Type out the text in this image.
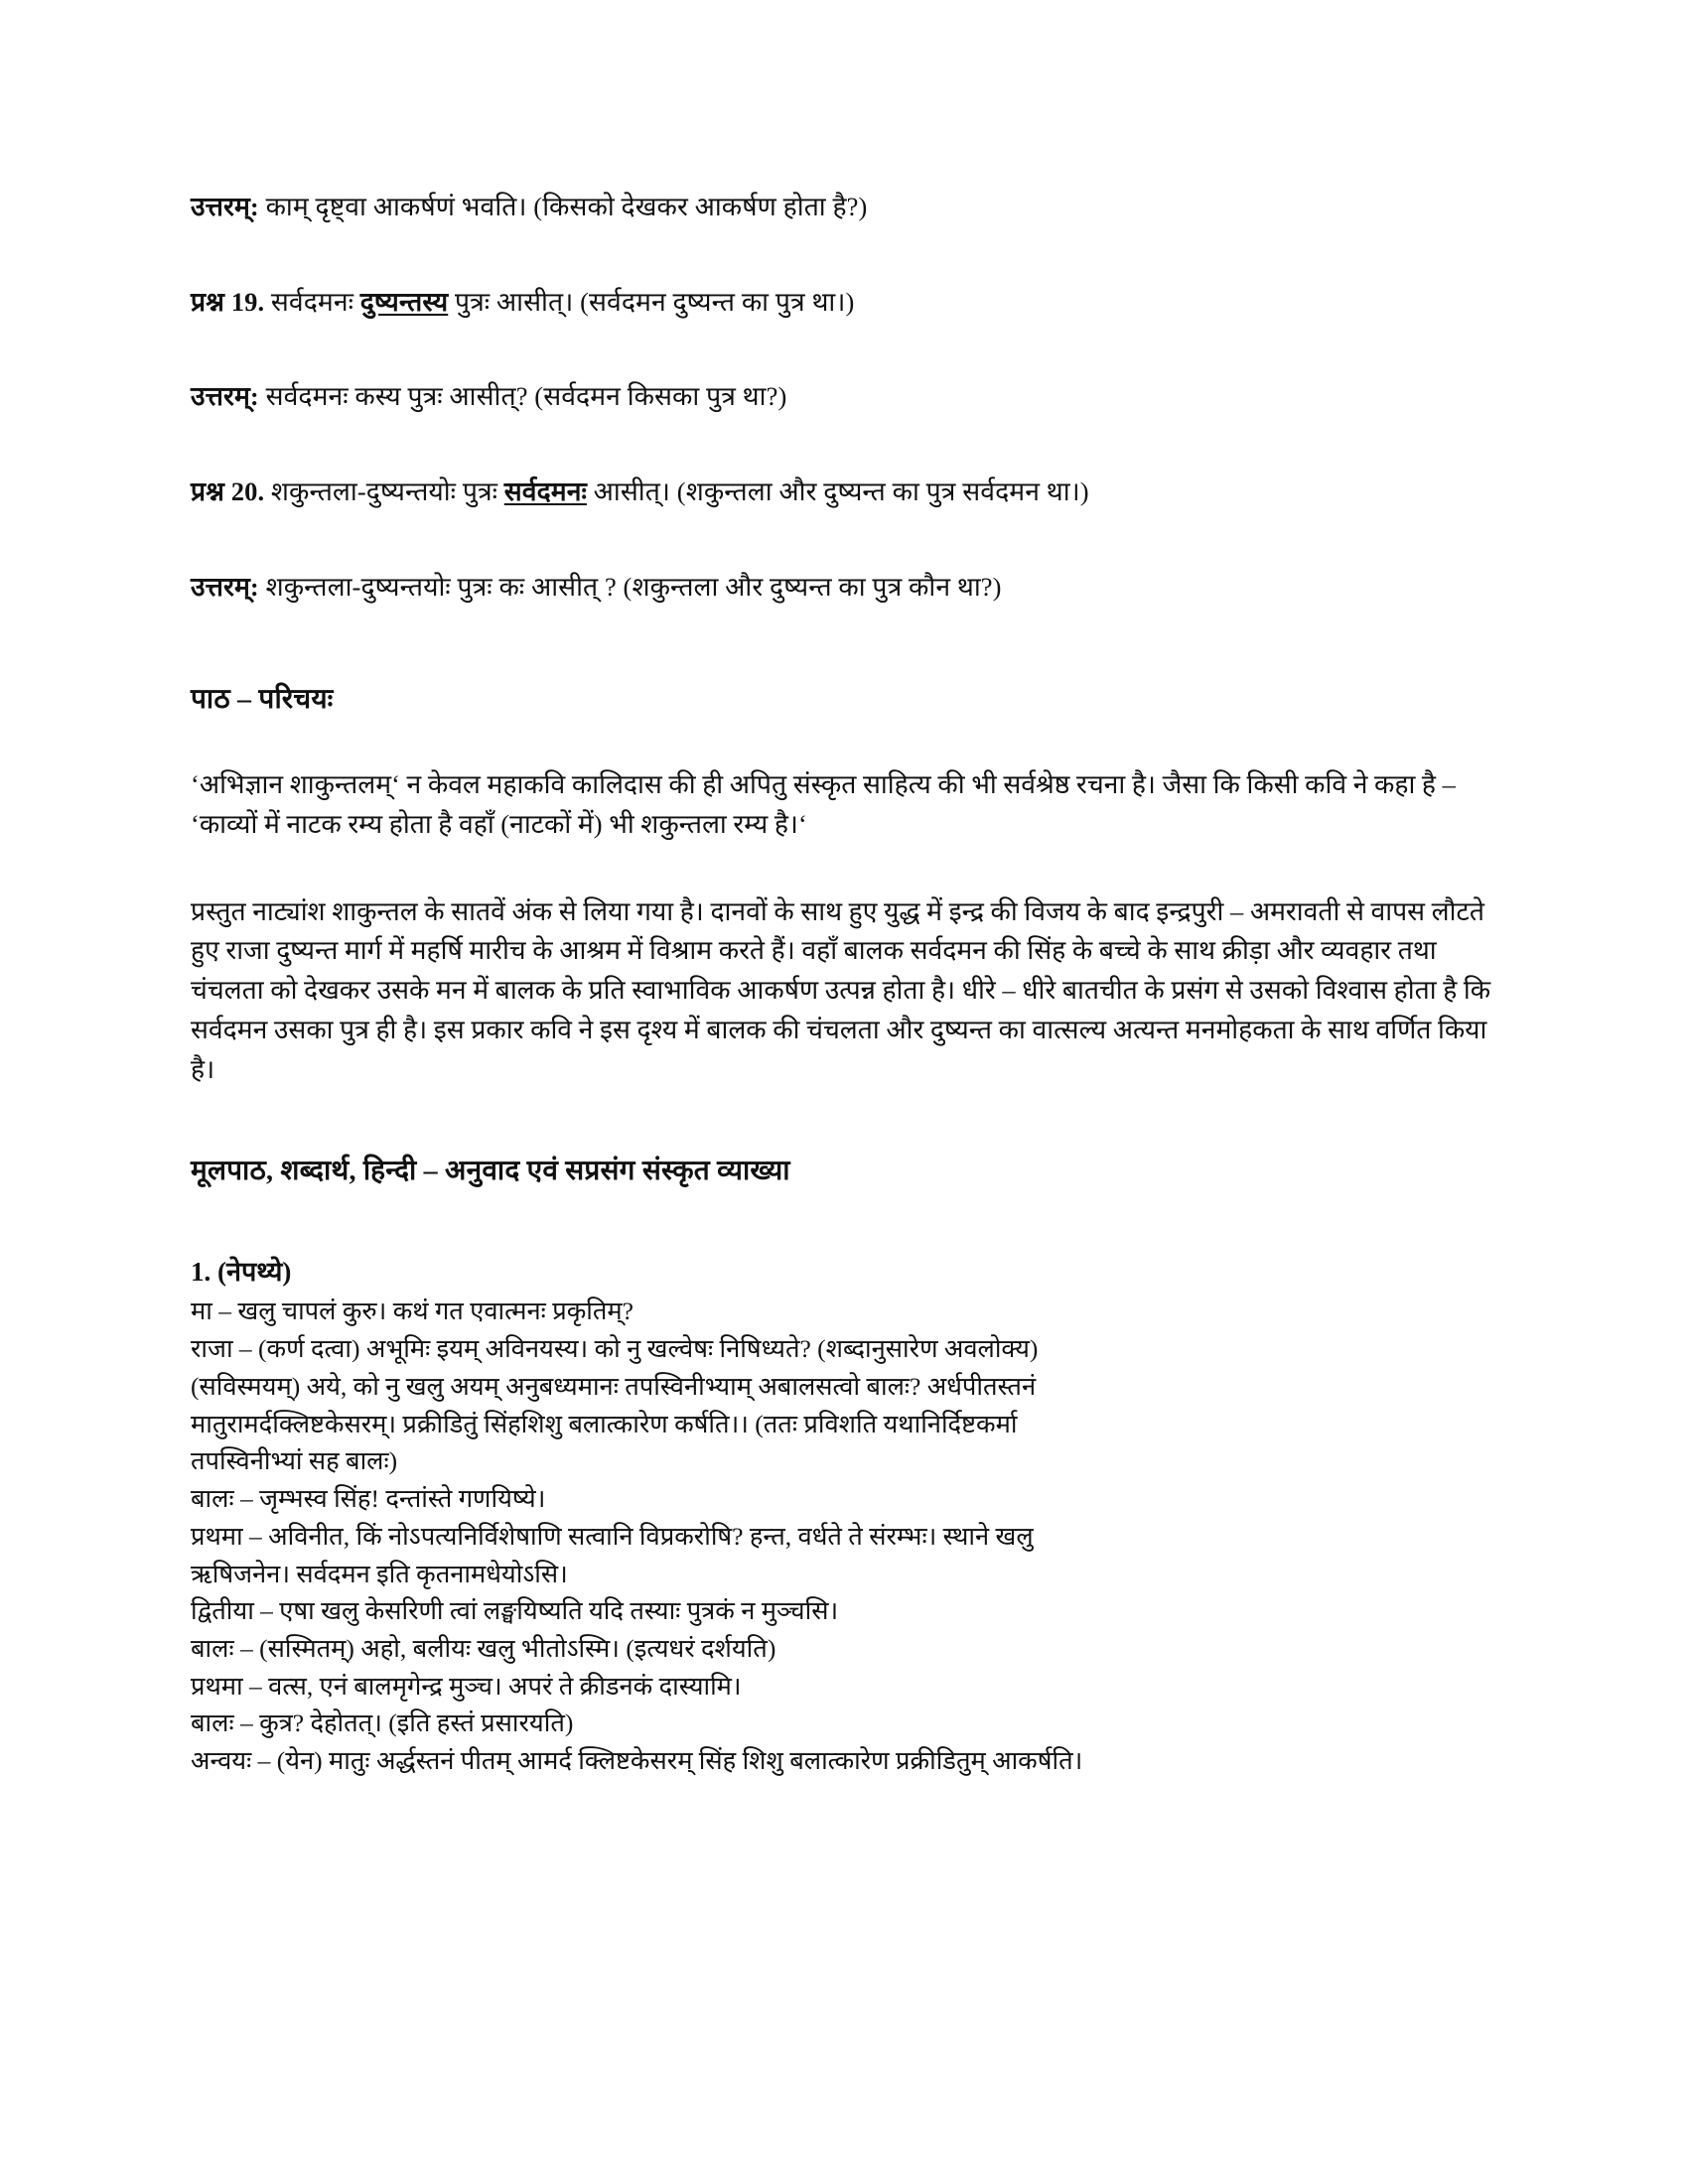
उत्तरम्: काम् दृष्ट्वा आकर्षणं भवति। (किसको देखकर आकर्षण होता है?)

प्रश्न 19. सर्वदमनः दुष्यन्तस्य पुत्रः आसीत्। (सर्वदमन दुष्यन्त का पुत्र था।)

उत्तरम्: सर्वदमनः कस्य पुत्रः आसीत्? (सर्वदमन किसका पुत्र था?)

प्रश्न 20. शकुन्तला-दुष्यन्तयोः पुत्रः सर्वदमनः आसीत्। (शकुन्तला और दुष्यन्त का पुत्र सर्वदमन था।)

उत्तरम्: शकुन्तला-दुष्यन्तयोः पुत्रः कः आसीत् ? (शकुन्तला और दुष्यन्त का पुत्र कौन था?)

पाठ – परिचयः

‘अभिज्ञान शाकुन्तलम्‘ न केवल महाकवि कालिदास की ही अपितु संस्कृत साहित्य की भी सर्वश्रेष्ठ रचना है। जैसा कि किसी कवि ने कहा है – ‘काव्यों में नाटक रम्य होता है वहाँ (नाटकों में) भी शकुन्तला रम्य है।‘

प्रस्तुत नाट्यांश शाकुन्तल के सातवें अंक से लिया गया है। दानवों के साथ हुए युद्ध में इन्द्र की विजय के बाद इन्द्रपुरी – अमरावती से वापस लौटते हुए राजा दुष्यन्त मार्ग में महर्षि मारीच के आश्रम में विश्राम करते हैं। वहाँ बालक सर्वदमन की सिंह के बच्चे के साथ क्रीड़ा और व्यवहार तथा चंचलता को देखकर उसके मन में बालक के प्रति स्वाभाविक आकर्षण उत्पन्न होता है। धीरे – धीरे बातचीत के प्रसंग से उसको विश्वास होता है कि सर्वदमन उसका पुत्र ही है। इस प्रकार कवि ने इस दृश्य में बालक की चंचलता और दुष्यन्त का वात्सल्य अत्यन्त मनमोहकता के साथ वर्णित किया है।

मूलपाठ, शब्दार्थ, हिन्दी – अनुवाद एवं सप्रसंग संस्कृत व्याख्या
1. (नेपथ्ये)

मा – खलु चापलं कुरु। कथं गत एवात्मनः प्रकृतिम्?

राजा – (कर्ण दत्वा) अभूमिः इयम् अविनयस्य। को नु खल्वेषः निषिध्यते? (शब्दानुसारेण अवलोक्य)

(सविस्मयम्) अये, को नु खलु अयम् अनुबध्यमानः तपस्विनीभ्याम् अबालसत्वो बालः? अर्धपीतस्तनं

मातुरामर्दक्लिष्टकेसरम्। प्रक्रीडितुं सिंहशिशु बलात्कारेण कर्षति।। (ततः प्रविशति यथानिर्दिष्टकर्मा

तपस्विनीभ्यां सह बालः)

बालः – जृम्भस्व सिंह! दन्तांस्ते गणयिष्ये।

प्रथमा – अविनीत, किं नोऽपत्यनिर्विशेषाणि सत्वानि विप्रकरोषि? हन्त, वर्धते ते संरम्भः। स्थाने खलु

ऋषिजनेन। सर्वदमन इति कृतनामधेयोऽसि।

द्वितीया – एषा खलु केसरिणी त्वां लङ्घयिष्यति यदि तस्याः पुत्रकं न मुञ्चसि।

बालः – (सस्मितम्) अहो, बलीयः खलु भीतोऽस्मि। (इत्यधरं दर्शयति)

प्रथमा – वत्स, एनं बालमृगेन्द्र मुञ्च। अपरं ते क्रीडनकं दास्यामि।

बालः – कुत्र? देहोतत्। (इति हस्तं प्रसारयति)

अन्वयः – (येन) मातुः अर्द्धस्तनं पीतम् आमर्द क्लिष्टकेसरम् सिंह शिशु बलात्कारेण प्रक्रीडितुम् आकर्षति।
